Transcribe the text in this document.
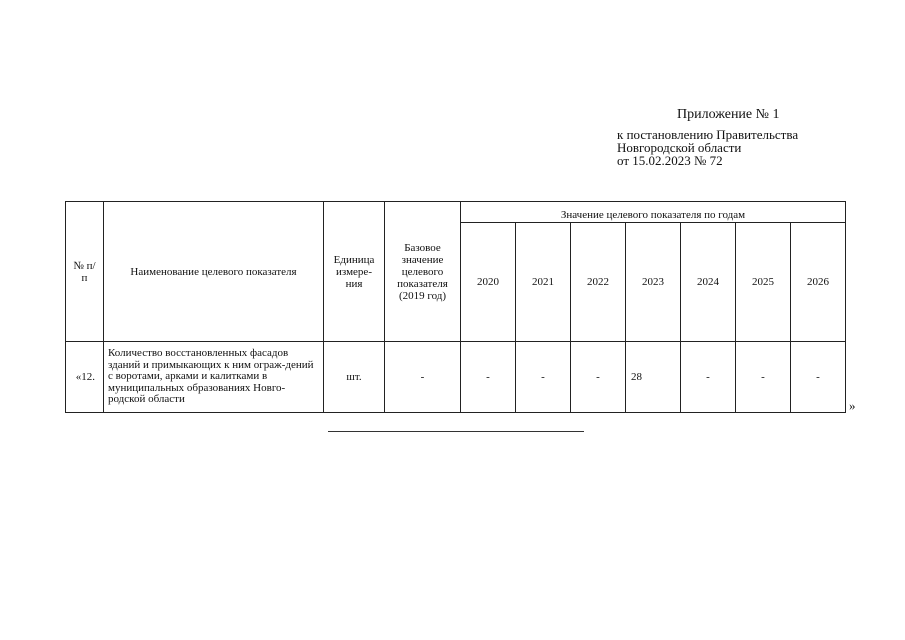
Приложение № 1
к постановлению Правительства
Новгородской области
от 15.02.2023 № 72
№ п/п	Наименование целевого показателя	Единица измере-ния	Базовое значение целевого показателя (2019 год)	Значение целевого показателя по годам						
				2020	2021	2022	2023	2024	2025	2026
«12.	Количество восстановленных фасадов зданий и примыкающих к ним ограж-дений с воротами, арками и калитками в муниципальных образованиях Новго-родской области	шт.	-	-	-	-	28	-	-	-
»
